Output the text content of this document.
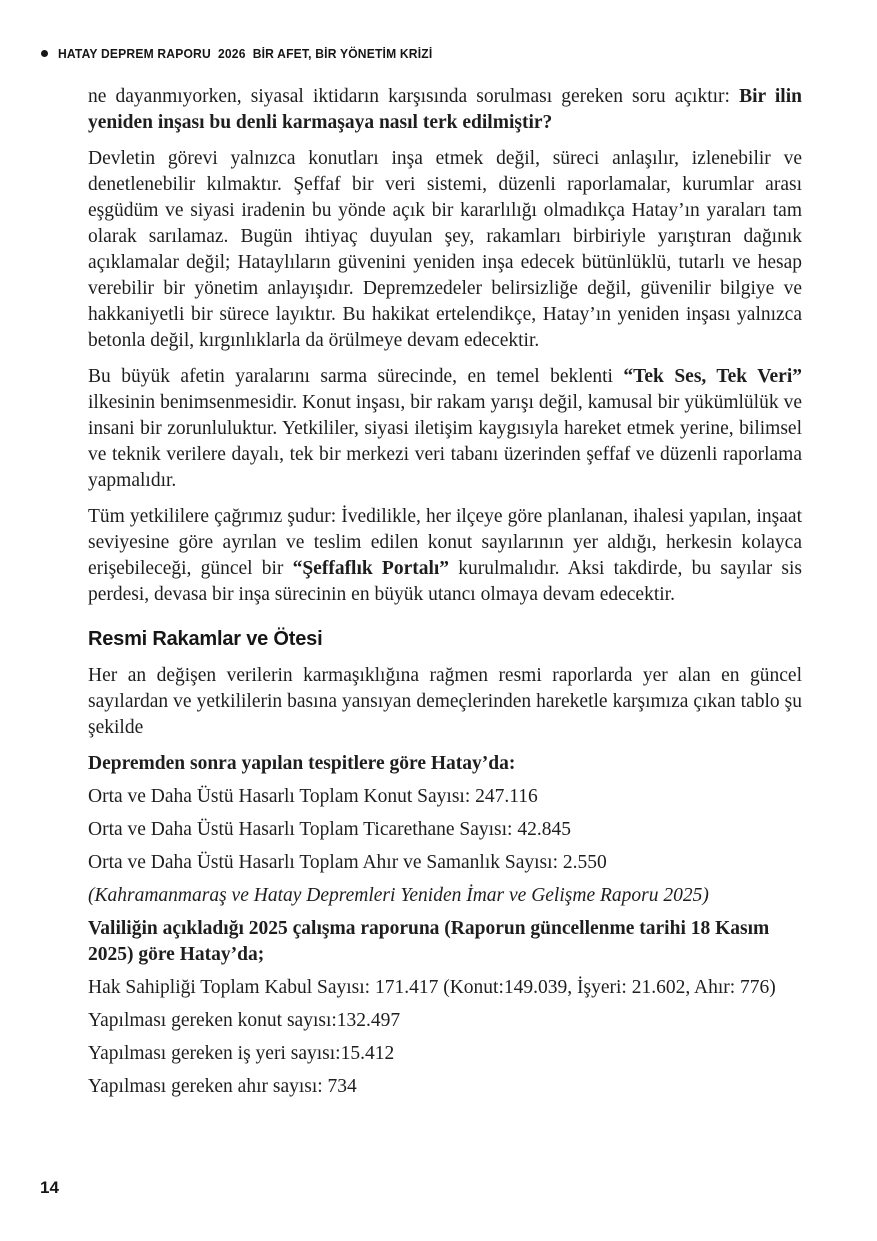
HATAY DEPREM RAPORU  2026  BİR AFET, BİR YÖNETİM KRİZİ

ne dayanmıyorken, siyasal iktidarın karşısında sorulması gereken soru açıktır: Bir ilin yeniden inşası bu denli karmaşaya nasıl terk edilmiştir?

Devletin görevi yalnızca konutları inşa etmek değil, süreci anlaşılır, izlenebilir ve denetlenebilir kılmaktır. Şeffaf bir veri sistemi, düzenli raporlamalar, kurumlar arası eşgüdüm ve siyasi iradenin bu yönde açık bir kararlılığı olmadıkça Hatay’ın yaraları tam olarak sarılamaz. Bugün ihtiyaç duyulan şey, rakamları birbiriyle yarıştıran dağınık açıklamalar değil; Hataylıların güvenini yeniden inşa edecek bütünlüklü, tutarlı ve hesap verebilir bir yönetim anlayışıdır. Depremzedeler belirsizliğe değil, güvenilir bilgiye ve hakkaniyetli bir sürece layıktır. Bu hakikat ertelendikçe, Hatay’ın yeniden inşası yalnızca betonla değil, kırgınlıklarla da örülmeye devam edecektir.

Bu büyük afetin yaralarını sarma sürecinde, en temel beklenti “Tek Ses, Tek Veri” ilkesinin benimsenmesidir. Konut inşası, bir rakam yarışı değil, kamusal bir yükümlülük ve insani bir zorunluluktur. Yetkililer, siyasi iletişim kaygısıyla hareket etmek yerine, bilimsel ve teknik verilere dayalı, tek bir merkezi veri tabanı üzerinden şeffaf ve düzenli raporlama yapmalıdır.

Tüm yetkililere çağrımız şudur: İvedilikle, her ilçeye göre planlanan, ihalesi yapılan, inşaat seviyesine göre ayrılan ve teslim edilen konut sayılarının yer aldığı, herkesin kolayca erişebileceği, güncel bir “Şeffaflık Portalı” kurulmalıdır. Aksi takdirde, bu sayılar sis perdesi, devasa bir inşa sürecinin en büyük utancı olmaya devam edecektir.

Resmi Rakamlar ve Ötesi

Her an değişen verilerin karmaşıklığına rağmen resmi raporlarda yer alan en güncel sayılardan ve yetkililerin basına yansıyan demeçlerinden hareketle karşımıza çıkan tablo şu şekilde

Depremden sonra yapılan tespitlere göre Hatay’da:

Orta ve Daha Üstü Hasarlı Toplam Konut Sayısı: 247.116

Orta ve Daha Üstü Hasarlı Toplam Ticarethane Sayısı: 42.845

Orta ve Daha Üstü Hasarlı Toplam Ahır ve Samanlık Sayısı: 2.550

(Kahramanmaraş ve Hatay Depremleri Yeniden İmar ve Gelişme Raporu 2025)

Valiliğin açıkladığı 2025 çalışma raporuna (Raporun güncellenme tarihi 18 Kasım 2025) göre Hatay’da;

Hak Sahipliği Toplam Kabul Sayısı: 171.417 (Konut:149.039, İşyeri: 21.602, Ahır: 776)

Yapılması gereken konut sayısı:132.497

Yapılması gereken iş yeri sayısı:15.412

Yapılması gereken ahır sayısı: 734

14
